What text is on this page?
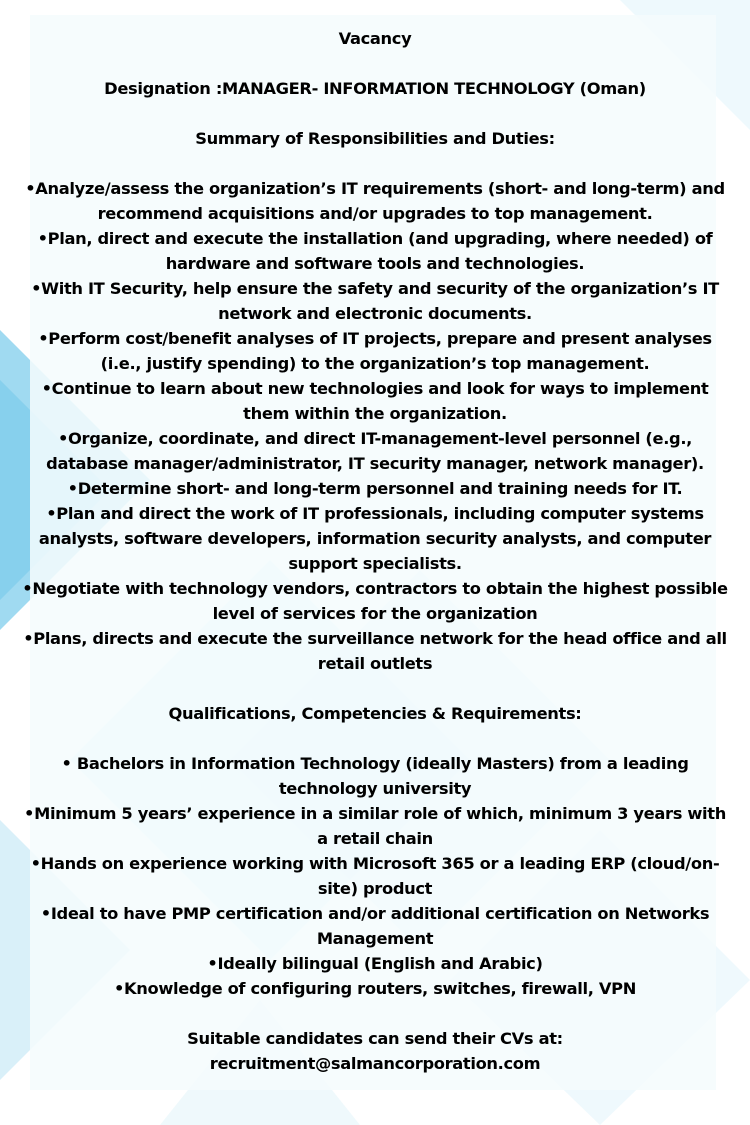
Vacancy

Designation :MANAGER- INFORMATION TECHNOLOGY (Oman)

Summary of Responsibilities and Duties:

•Analyze/assess the organization’s IT requirements (short- and long-term) and recommend acquisitions and/or upgrades to top management.

•Plan, direct and execute the installation (and upgrading, where needed) of hardware and software tools and technologies.

•With IT Security, help ensure the safety and security of the organization’s IT network and electronic documents.

•Perform cost/benefit analyses of IT projects, prepare and present analyses (i.e., justify spending) to the organization’s top management.

•Continue to learn about new technologies and look for ways to implement them within the organization.

•Organize, coordinate, and direct IT-management-level personnel (e.g., database manager/administrator, IT security manager, network manager).

•Determine short- and long-term personnel and training needs for IT.

•Plan and direct the work of IT professionals, including computer systems analysts, software developers, information security analysts, and computer support specialists.

•Negotiate with technology vendors, contractors to obtain the highest possible level of services for the organization

•Plans, directs and execute the surveillance network for the head office and all retail outlets

Qualifications, Competencies & Requirements:

• Bachelors in Information Technology (ideally Masters) from a leading technology university

•Minimum 5 years’ experience in a similar role of which, minimum 3 years with a retail chain

•Hands on experience working with Microsoft 365 or a leading ERP (cloud/on-site) product

•Ideal to have PMP certification and/or additional certification on Networks Management

•Ideally bilingual (English and Arabic)

•Knowledge of configuring routers, switches, firewall, VPN

Suitable candidates can send their CVs at:

recruitment@salmancorporation.com
